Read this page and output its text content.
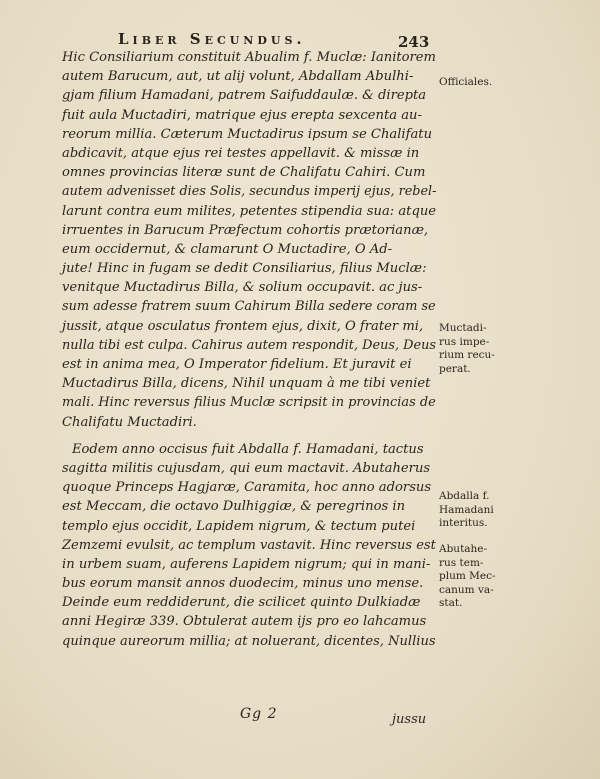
Liber Secundus.	243
Hic Consiliarium constituit Abualim f. Muclæ: Ianitorem
autem Barucum, aut, ut alij volunt, Abdallam Abulhi-
gjam filium Hamadani, patrem Saifuddaulæ. & direpta
fuit aula Muctadiri, matrique ejus erepta sexcenta au-
reorum millia. Cæterum Muctadirus ipsum se Chalifatu
abdicavit, atque ejus rei testes appellavit. & missæ in
omnes provincias literæ sunt de Chalifatu Cahiri. Cum
autem advenisset dies Solis, secundus imperij ejus, rebel-
larunt contra eum milites, petentes stipendia sua: atque
irruentes in Barucum Præfectum cohortis prætorianæ,
eum occidernut, & clamarunt O Muctadire, O Ad-
jute! Hinc in fugam se dedit Consiliarius, filius Muclæ:
venitque Muctadirus Billa, & solium occupavit. ac jus-
sum adesse fratrem suum Cahirum Billa sedere coram se
jussit, atque osculatus frontem ejus, dixit, O frater mi,
nulla tibi est culpa. Cahirus autem respondit, Deus, Deus
est in anima mea, O Imperator fidelium. Et juravit ei
Muctadirus Billa, dicens, Nihil unquam à me tibi veniet
mali. Hinc reversus filius Muclæ scripsit in provincias de
Chalifatu Muctadiri.
Eodem anno occisus fuit Abdalla f. Hamadani, tactus
sagitta militis cujusdam, qui eum mactavit. Abutaherus
quoque Princeps Hagjaræ, Caramita, hoc anno adorsus
est Meccam, die octavo Dulhiggiæ, & peregrinos in
templo ejus occidit, Lapidem nigrum, & tectum putei
Zemzemi evulsit, ac templum vastavit. Hinc reversus est
in urbem suam, auferens Lapidem nigrum; qui in mani-
bus eorum mansit annos duodecim, minus uno mense.
Deinde eum reddiderunt, die scilicet quinto Dulkiadæ
anni Hegiræ 339. Obtulerat autem ijs pro eo lahcamus
quinque aureorum millia; at noluerant, dicentes, Nullius
Officiales.
Muctadi-
rus impe-
rium recu-
perat.
Abdalla f.
Hamadani
interitus.
Abutahe-
rus tem-
plum Mec-
canum va-
stat.
Gg 2	jussu
